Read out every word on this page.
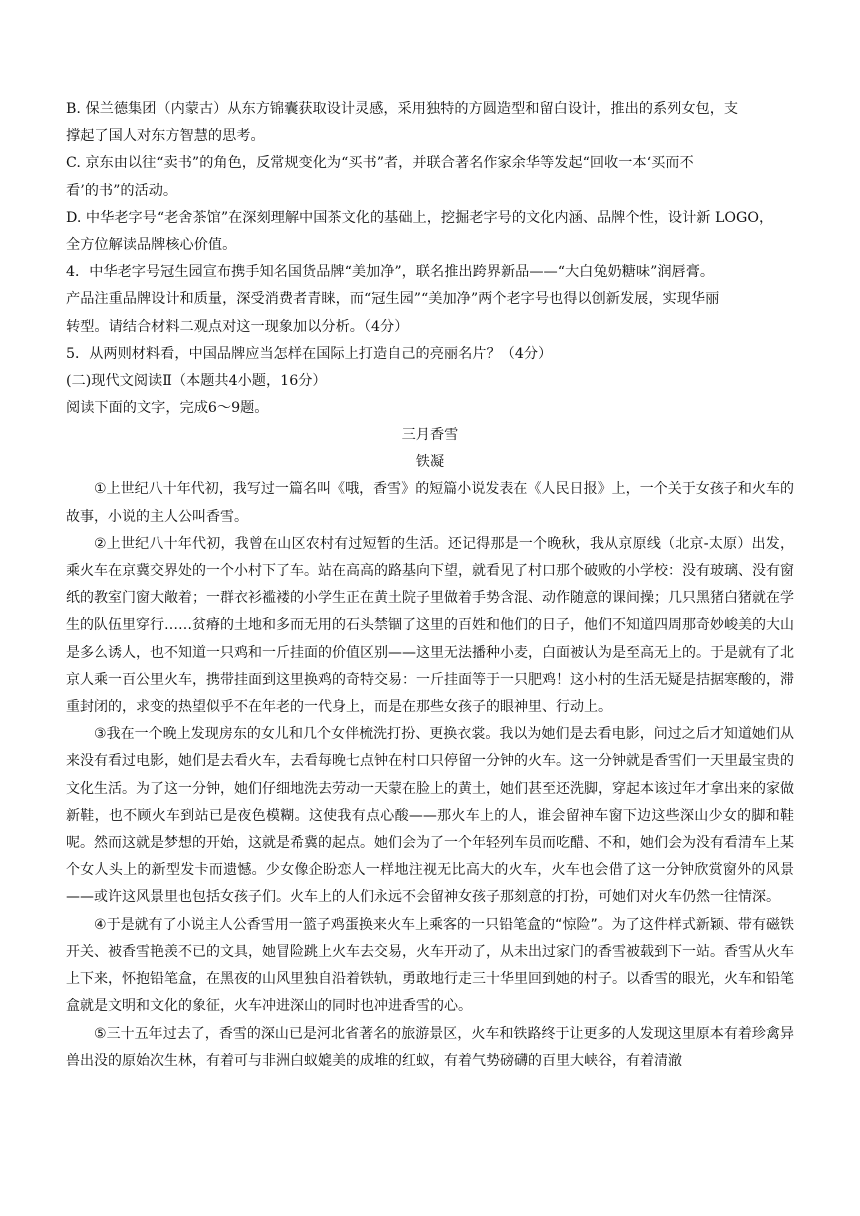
B. 保兰德集团（内蒙古）从东方锦囊获取设计灵感，采用独特的方圆造型和留白设计，推出的系列女包，支

撑起了国人对东方智慧的思考。

C. 京东由以往“卖书”的角色，反常规变化为“买书”者，并联合著名作家余华等发起“回收一本‘买而不

看’的书”的活动。

D. 中华老字号“老舍茶馆”在深刻理解中国茶文化的基础上，挖掘老字号的文化内涵、品牌个性，设计新 LOGO，

全方位解读品牌核心价值。

4．中华老字号冠生园宣布携手知名国货品牌“美加净”，联名推出跨界新品——“大白兔奶糖味”润唇膏。

产品注重品牌设计和质量，深受消费者青睐，而“冠生园”“美加净”两个老字号也得以创新发展，实现华丽

转型。请结合材料二观点对这一现象加以分析。（4分）

5．从两则材料看，中国品牌应当怎样在国际上打造自己的亮丽名片？（4分）

(二)现代文阅读Ⅱ（本题共4小题，16分）

阅读下面的文字，完成6～9题。

三月香雪

铁凝

①上世纪八十年代初，我写过一篇名叫《哦，香雪》的短篇小说发表在《人民日报》上，一个关于女孩子和火车的故事，小说的主人公叫香雪。

②上世纪八十年代初，我曾在山区农村有过短暂的生活。还记得那是一个晚秋，我从京原线（北京-太原）出发，乘火车在京冀交界处的一个小村下了车。站在高高的路基向下望，就看见了村口那个破败的小学校：没有玻璃、没有窗纸的教室门窗大敞着；一群衣衫褴褛的小学生正在黄土院子里做着手势含混、动作随意的课间操；几只黑猪白猪就在学生的队伍里穿行……贫瘠的土地和多而无用的石头禁锢了这里的百姓和他们的日子，他们不知道四周那奇妙峻美的大山是多么诱人，也不知道一只鸡和一斤挂面的价值区别——这里无法播种小麦，白面被认为是至高无上的。于是就有了北京人乘一百公里火车，携带挂面到这里换鸡的奇特交易：一斤挂面等于一只肥鸡！这小村的生活无疑是拮据寒酸的，滞重封闭的，求变的热望似乎不在年老的一代身上，而是在那些女孩子的眼神里、行动上。

③我在一个晚上发现房东的女儿和几个女伴梳洗打扮、更换衣裳。我以为她们是去看电影，问过之后才知道她们从来没有看过电影，她们是去看火车，去看每晚七点钟在村口只停留一分钟的火车。这一分钟就是香雪们一天里最宝贵的文化生活。为了这一分钟，她们仔细地洗去劳动一天蒙在脸上的黄土，她们甚至还洗脚，穿起本该过年才拿出来的家做新鞋，也不顾火车到站已是夜色模糊。这使我有点心酸——那火车上的人，谁会留神车窗下边这些深山少女的脚和鞋呢。然而这就是梦想的开始，这就是希冀的起点。她们会为了一个年轻列车员而吃醋、不和，她们会为没有看清车上某个女人头上的新型发卡而遗憾。少女像企盼恋人一样地注视无比高大的火车，火车也会借了这一分钟欣赏窗外的风景——或许这风景里也包括女孩子们。火车上的人们永远不会留神女孩子那刻意的打扮，可她们对火车仍然一往情深。

④于是就有了小说主人公香雪用一篮子鸡蛋换来火车上乘客的一只铅笔盒的“惊险”。为了这件样式新颖、带有磁铁开关、被香雪艳羡不已的文具，她冒险跳上火车去交易，火车开动了，从未出过家门的香雪被载到下一站。香雪从火车上下来，怀抱铅笔盒，在黑夜的山风里独自沿着铁轨，勇敢地行走三十华里回到她的村子。以香雪的眼光，火车和铅笔盒就是文明和文化的象征，火车冲进深山的同时也冲进香雪的心。

⑤三十五年过去了，香雪的深山已是河北省著名的旅游景区，火车和铁路终于让更多的人发现这里原本有着珍禽异兽出没的原始次生林，有着可与非洲白蚁媲美的成堆的红蚁，有着气势磅礴的百里大峡谷，有着清澈
